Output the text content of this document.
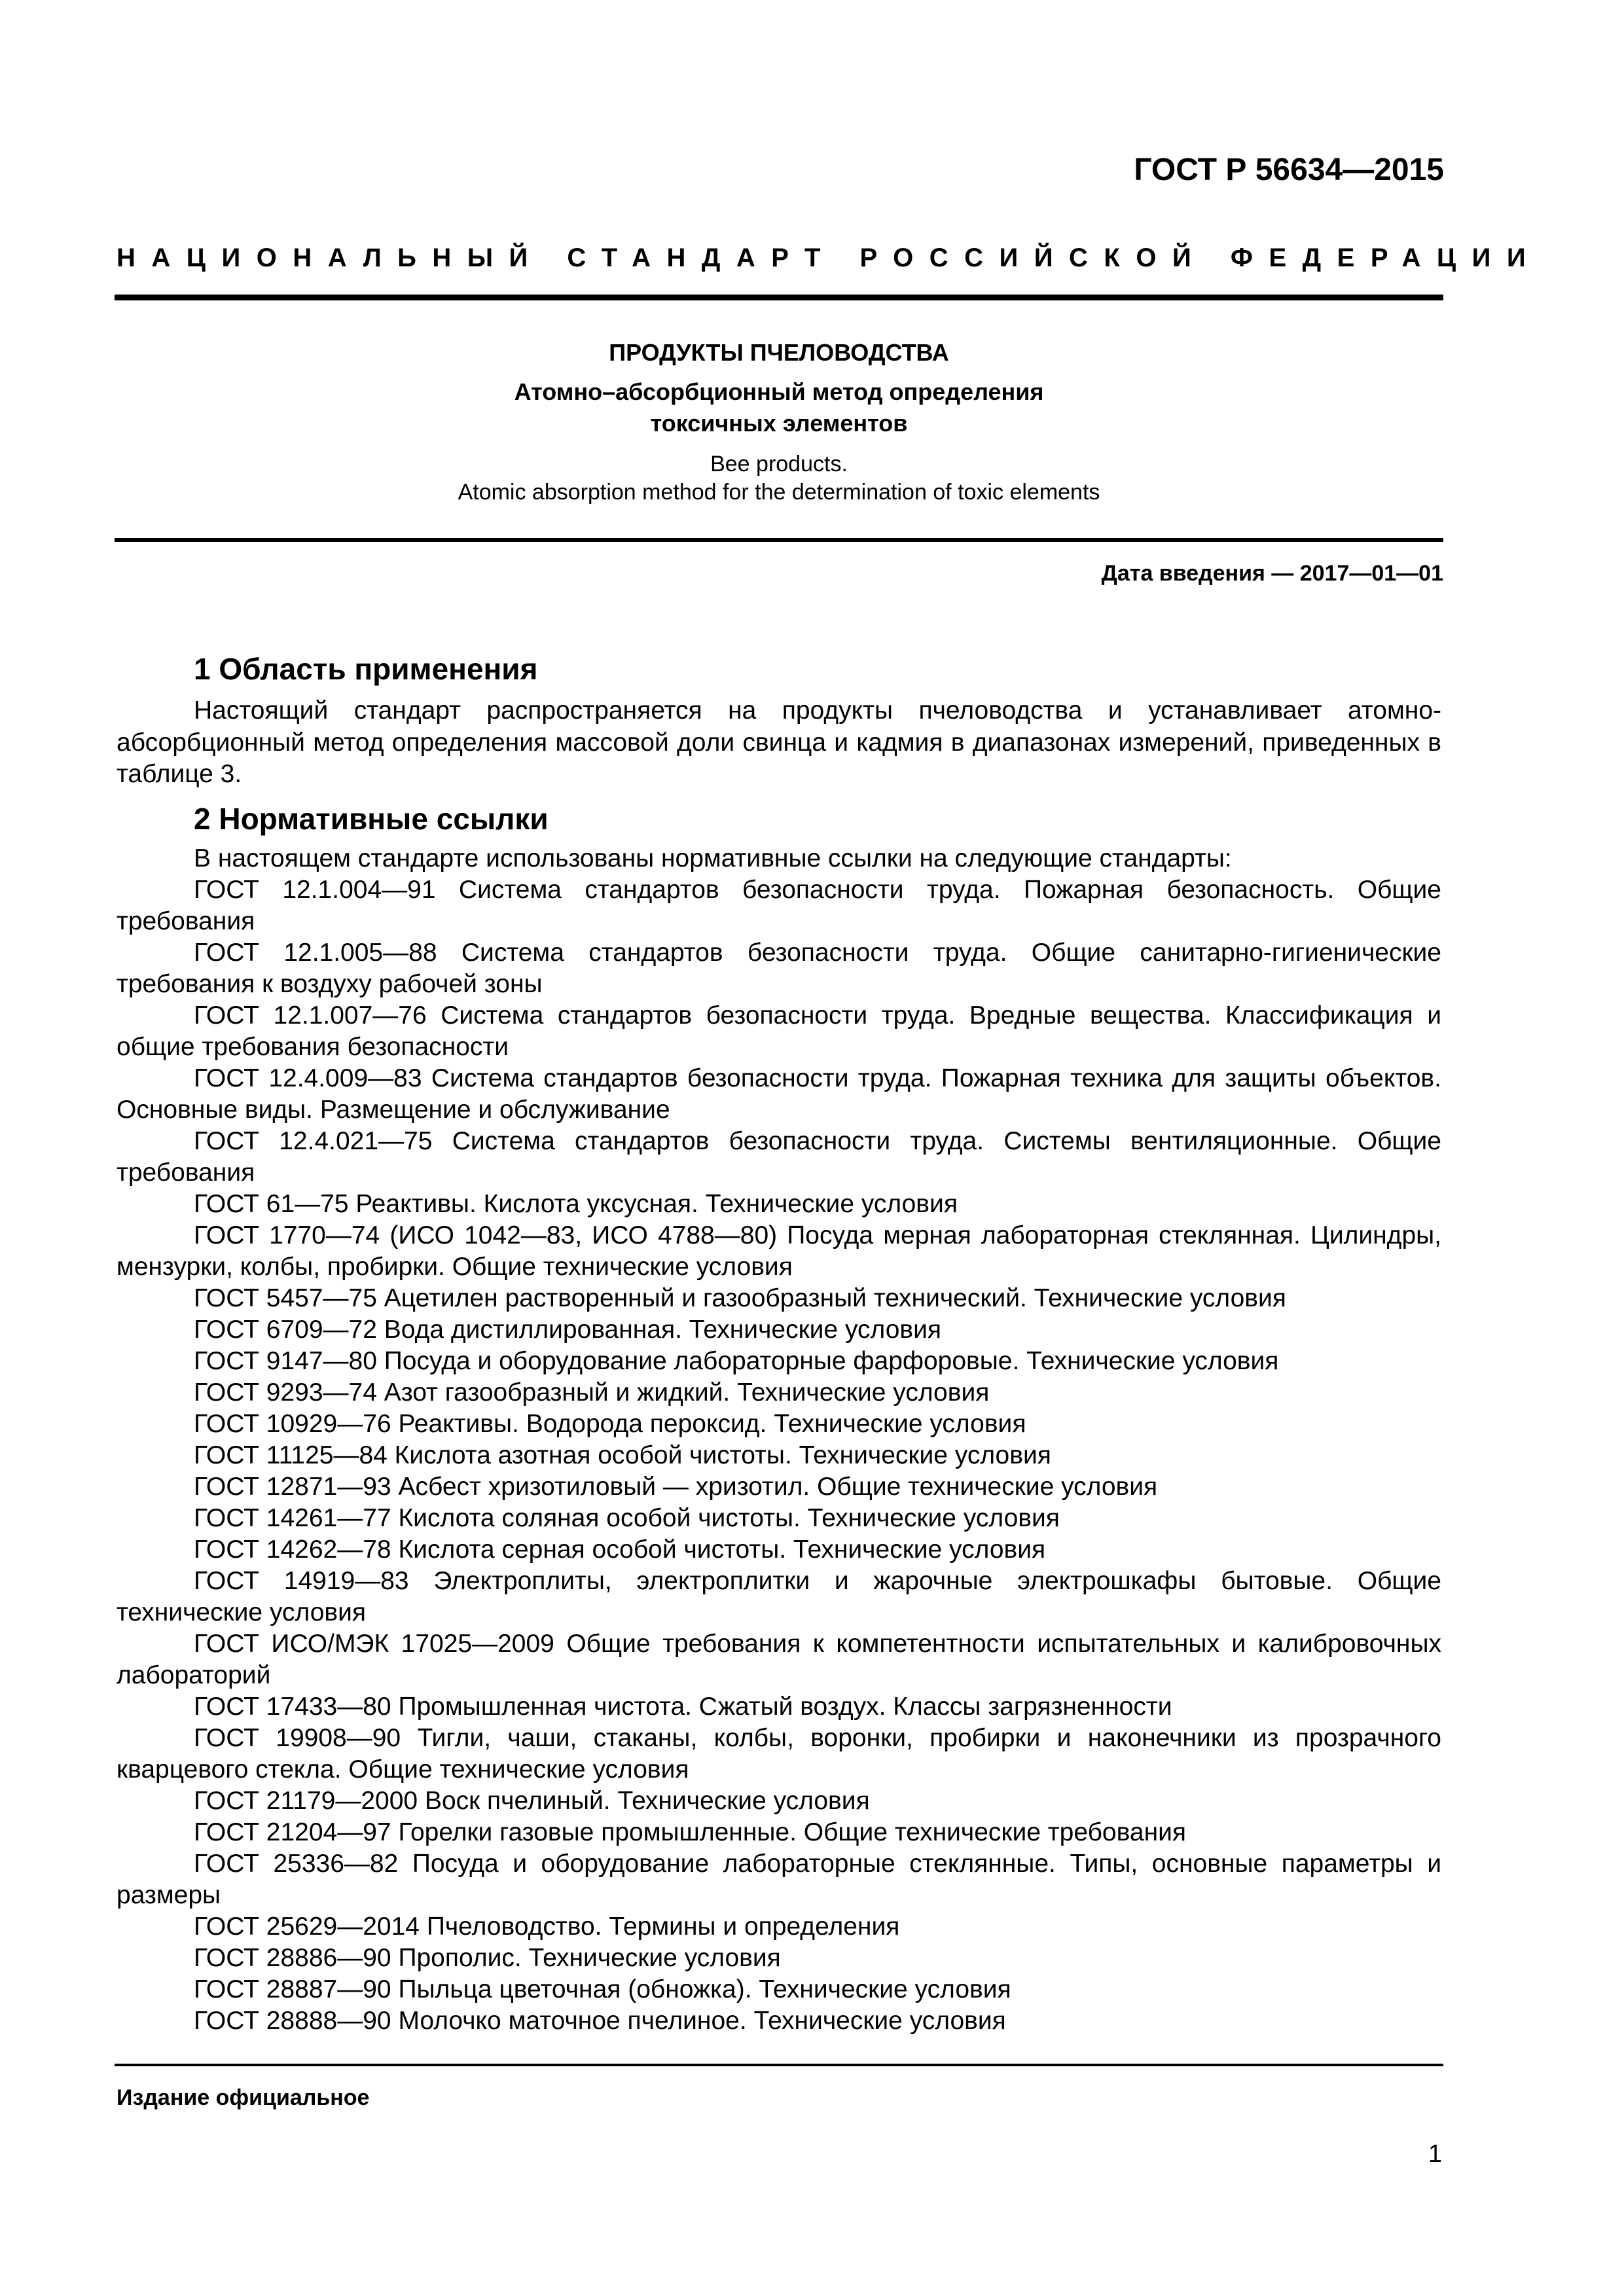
ГОСТ Р 56634—2015
НАЦИОНАЛЬНЫЙ СТАНДАРТ РОССИЙСКОЙ ФЕДЕРАЦИИ
ПРОДУКТЫ ПЧЕЛОВОДСТВА
Атомно–абсорбционный метод определения
токсичных элементов
Bee products.
Atomic absorption method for the determination of toxic elements
Дата введения — 2017—01—01
1 Область применения

Настоящий стандарт распространяется на продукты пчеловодства и устанавливает атомно-абсорбционный метод определения массовой доли свинца и кадмия в диапазонах измерений, приведенных в таблице 3.

2 Нормативные ссылки

В настоящем стандарте использованы нормативные ссылки на следующие стандарты:

ГОСТ 12.1.004—91 Система стандартов безопасности труда. Пожарная безопасность. Общие требования
ГОСТ 12.1.005—88 Система стандартов безопасности труда. Общие санитарно-гигиенические требования к воздуху рабочей зоны
ГОСТ 12.1.007—76 Система стандартов безопасности труда. Вредные вещества. Классификация и общие требования безопасности
ГОСТ 12.4.009—83 Система стандартов безопасности труда. Пожарная техника для защиты объектов. Основные виды. Размещение и обслуживание
ГОСТ 12.4.021—75 Система стандартов безопасности труда. Системы вентиляционные. Общие требования
ГОСТ 61—75 Реактивы. Кислота уксусная. Технические условия
ГОСТ 1770—74 (ИСО 1042—83, ИСО 4788—80) Посуда мерная лабораторная стеклянная. Цилиндры, мензурки, колбы, пробирки. Общие технические условия
ГОСТ 5457—75 Ацетилен растворенный и газообразный технический. Технические условия
ГОСТ 6709—72 Вода дистиллированная. Технические условия
ГОСТ 9147—80 Посуда и оборудование лабораторные фарфоровые. Технические условия
ГОСТ 9293—74 Азот газообразный и жидкий. Технические условия
ГОСТ 10929—76 Реактивы. Водорода пероксид. Технические условия
ГОСТ 11125—84 Кислота азотная особой чистоты. Технические условия
ГОСТ 12871—93 Асбест хризотиловый — хризотил. Общие технические условия
ГОСТ 14261—77 Кислота соляная особой чистоты. Технические условия
ГОСТ 14262—78 Кислота серная особой чистоты. Технические условия
ГОСТ 14919—83 Электроплиты, электроплитки и жарочные электрошкафы бытовые. Общие технические условия
ГОСТ ИСО/МЭК 17025—2009 Общие требования к компетентности испытательных и калибровочных лабораторий
ГОСТ 17433—80 Промышленная чистота. Сжатый воздух. Классы загрязненности
ГОСТ 19908—90 Тигли, чаши, стаканы, колбы, воронки, пробирки и наконечники из прозрачного кварцевого стекла. Общие технические условия
ГОСТ 21179—2000 Воск пчелиный. Технические условия
ГОСТ 21204—97 Горелки газовые промышленные. Общие технические требования
ГОСТ 25336—82 Посуда и оборудование лабораторные стеклянные. Типы, основные параметры и размеры
ГОСТ 25629—2014 Пчеловодство. Термины и определения
ГОСТ 28886—90 Прополис. Технические условия
ГОСТ 28887—90 Пыльца цветочная (обножка). Технические условия
ГОСТ 28888—90 Молочко маточное пчелиное. Технические условия
Издание официальное
1
